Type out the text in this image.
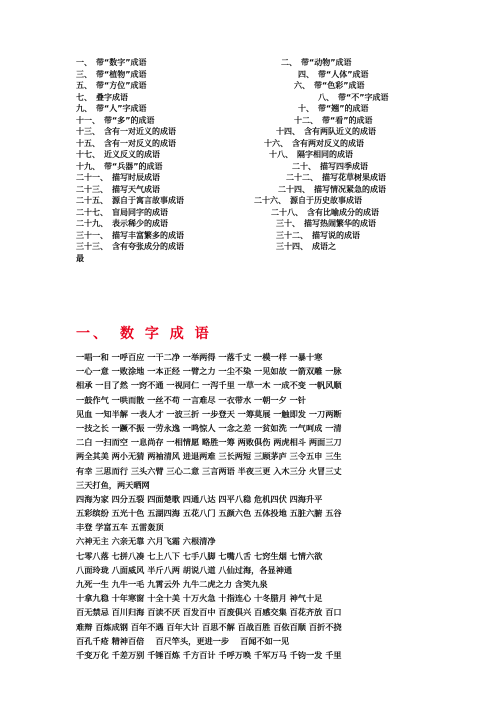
一、　带“数字”成语	二、　带“动物”成语
三、　带“植物”成语	四、　带“人体”成语
五、　带“方位”成语	六、　带“色彩”成语
七、　叠字成语	八、　带“不”字成语
九、　带“人”字成语	十、　带“翘”的成语
十一、　带“多”的成语	十二、　带“看”的成语
十三、　含有一对近义的成语	十四、　含有两队近义的成语
十五、　含有一对反义的成语	十六、　含有两对反义的成语
十七、　近义反义的成语	十八、　隔字相同的成语
十九、　带“兵器”的成语	二十、　描写四季成语
二十一、　描写时辰成语	二十二、　描写花草树果成语
二十三、　描写天气成语	二十四、　描写情况紧急的成语
二十五、　源自于寓言故事成语	二十六、　源自于历史故事成语
二十七、　盲局同字的成语	二十八、　含有比喻成分的成语
二十九、　表示稀少的成语	三十、　描写热闹繁华的成语
三十一、　描写丰富繁多的成语	三十二、　描写说的成语
三十三、　含有夸张成分的成语	三十四、　成语之
最
一、　数 字 成 语
一唱一和 一呼百应 一干二净 一举两得 一落千丈 一模一样 一暴十寒
一心一意 一败涂地 一本正经 一臂之力 一尘不染 一见如故 一箭双雕 一脉
相承 一目了然 一窍不通 一视同仁 一泻千里 一草一木 一成不变 一帆风顺
一鼓作气 一哄而散 一丝不苟 一言难尽 一衣带水 一朝一夕 一针
见血 一知半解 一表人才 一波三折 一步登天 一筹莫展 一触即发 一刀两断
一技之长 一蹶不振 一劳永逸 一鸣惊人 一念之差 一贫如洗 一气呵成 一清
二白 一扫而空 一息尚存 一相情愿 略胜一筹 两败俱伤 两虎相斗 两面三刀
两全其美 两小无猜 两袖清风 进退两难 三长两短 三顾茅庐 三令五申 三生
有幸 三思而行 三头六臂 三心二意 三言两语 半夜三更 入木三分 火冒三丈
三天打鱼，两天晒网
四海为家 四分五裂 四面楚歌 四通八达 四平八稳 危机四伏 四海升平
五彩缤纷 五光十色 五湖四海 五花八门 五颜六色 五体投地 五脏六腑 五谷
丰登 学富五车 五雷轰顶
六神无主 六亲无靠 六月飞霜 六根清净
七零八落 七拼八凑 七上八下 七手八脚 七嘴八舌 七窍生烟 七情六欲
八面玲珑 八面威风 半斤八两 胡说八道 八仙过海，各显神通
九死一生 九牛一毛 九霄云外 九牛二虎之力 含笑九泉
十拿九稳 十年寒窗 十全十美 十万火急 十指连心 十冬腊月 神气十足
百无禁忌 百川归海 百读不厌 百发百中 百废俱兴 百感交集 百花齐放 百口
难辩 百炼成钢 百年不遇 百年大计 百思不解 百战百胜 百依百顺 百折不挠
百孔千疮 精神百倍　 百尺竿头，更进一步　 百闻不如一见
千变万化 千差万别 千锤百炼 千方百计 千呼万唤 千军万马 千钧一发 千里
